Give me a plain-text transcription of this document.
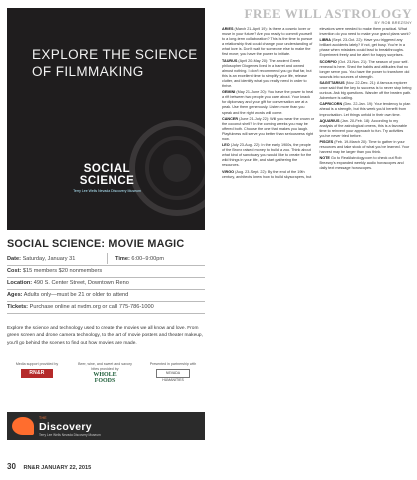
EXPLORE THE SCIENCE
OF FILMMAKING
SOCIAL
SCIENCE
Terry Lee Wells Nevada Discovery Museum
SOCIAL SCIENCE: MOVIE MAGIC
Date: Saturday, January 31	Time: 6:00–9:00pm
Cost: $15 members $20 nonmembers
Location: 490 S. Center Street, Downtown Reno
Ages: Adults only—must be 21 or older to attend
Tickets: Purchase online at nvdm.org or call 775-786-1000
Explore the science and technology used to create the movies we all know and love. From green screen and drone camera technology, to the art of movie posters and theater makeup, you'll go behind the scenes to find out how movies are made.
Media support provided by
RN&R
Beer, wine, and sweet and savory bites provided by
WHOLE FOODS
Presented in partnership with
NEVADA HUMANITIES
THE
Discovery
Terry Lee Wells Nevada Discovery Museum
30 RN&R JANUARY 22, 2015
FREE WILL ASTROLOGY
BY ROB BREZSNY

ARIES (March 21-April 19): Is there a cosmic lover or muse in your future? Are you ready to commit yourself to a long-term collaboration? This is the time to pursue a relationship that could change your understanding of what love is. Don't wait for someone else to make the first move; you have the power to initiate.

TAURUS (April 20-May 20): The ancient Greek philosopher Diogenes lived in a barrel and owned almost nothing. I don't recommend you go that far, but this is an excellent time to simplify your life, release clutter, and identify what you really need in order to thrive.

GEMINI (May 21-June 20): You have the power to heal a rift between two people you care about. Your knack for diplomacy and your gift for conversation are at a peak. Use them generously. Listen more than you speak and the right words will come.

CANCER (June 21-July 22): Will you wear the crown or the coconut shell? In the coming weeks you may be offered both. Choose the one that makes you laugh. Playfulness will serve you better than seriousness right now.

LEO (July 23-Aug. 22): In the early 1900s, the people of the Bronx raised money to build a zoo. Think about what kind of sanctuary you would like to create for the wild things in your life, and start gathering the resources.

VIRGO (Aug. 23-Sept. 22): By the end of the 19th century, architects knew how to build skyscrapers, but elevators were needed to make them practical. What invention do you need to make your grand plans work?

LIBRA (Sept. 23-Oct. 22): Have you triggered any brilliant accidents lately? If not, get busy. You're in a phase when mistakes could lead to breakthroughs. Experiment freely and be alert for happy surprises.

SCORPIO (Oct. 23-Nov. 21): The season of your self-renewal is here. Shed the habits and attitudes that no longer serve you. You have the power to transform old wounds into sources of strength.

SAGITTARIUS (Nov. 22-Dec. 21): A famous explorer once said that the key to success is to never stop being curious. Ask big questions. Wander off the beaten path. Adventure is calling.

CAPRICORN (Dec. 22-Jan. 19): Your tendency to plan ahead is a strength, but this week you'd benefit from improvisation. Let things unfold in their own time.

AQUARIUS (Jan. 20-Feb. 18): According to my analysis of the astrological omens, this is a favorable time to reinvent your approach to fun. Try activities you've never tried before.

PISCES (Feb. 19-March 20): Time to gather in your resources and take stock of what you've learned. Your harvest may be larger than you think.

NOTE Go to RealAstrology.com to check out Rob Brezsny's expanded weekly audio horoscopes and daily text message horoscopes.
